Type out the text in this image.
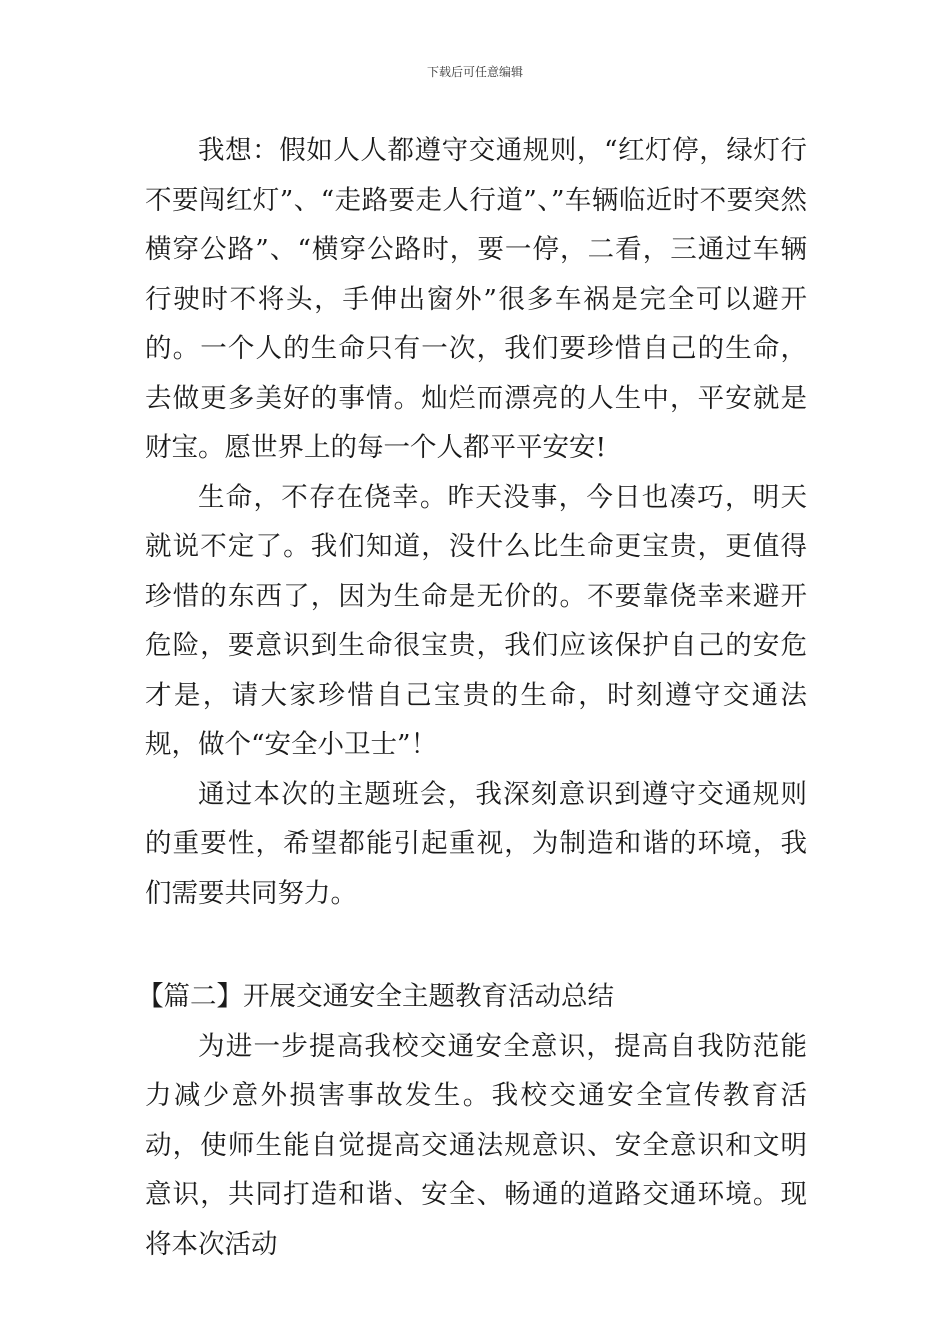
下载后可任意编辑

我想：假如人人都遵守交通规则，“红灯停，绿灯行不要闯红灯”、“走路要走人行道”、”车辆临近时不要突然横穿公路”、“横穿公路时，要一停，二看，三通过车辆行驶时不将头，手伸出窗外”很多车祸是完全可以避开的。一个人的生命只有一次，我们要珍惜自己的生命，去做更多美好的事情。灿烂而漂亮的人生中，平安就是财宝。愿世界上的每一个人都平平安安!

生命，不存在侥幸。昨天没事，今日也凑巧，明天就说不定了。我们知道，没什么比生命更宝贵，更值得珍惜的东西了，因为生命是无价的。不要靠侥幸来避开危险，要意识到生命很宝贵，我们应该保护自己的安危才是，请大家珍惜自己宝贵的生命，时刻遵守交通法规，做个“安全小卫士”！

通过本次的主题班会，我深刻意识到遵守交通规则的重要性，希望都能引起重视，为制造和谐的环境，我们需要共同努力。

【篇二】开展交通安全主题教育活动总结

为进一步提高我校交通安全意识，提高自我防范能力减少意外损害事故发生。我校交通安全宣传教育活动，使师生能自觉提高交通法规意识、安全意识和文明意识，共同打造和谐、安全、畅通的道路交通环境。现将本次活动
